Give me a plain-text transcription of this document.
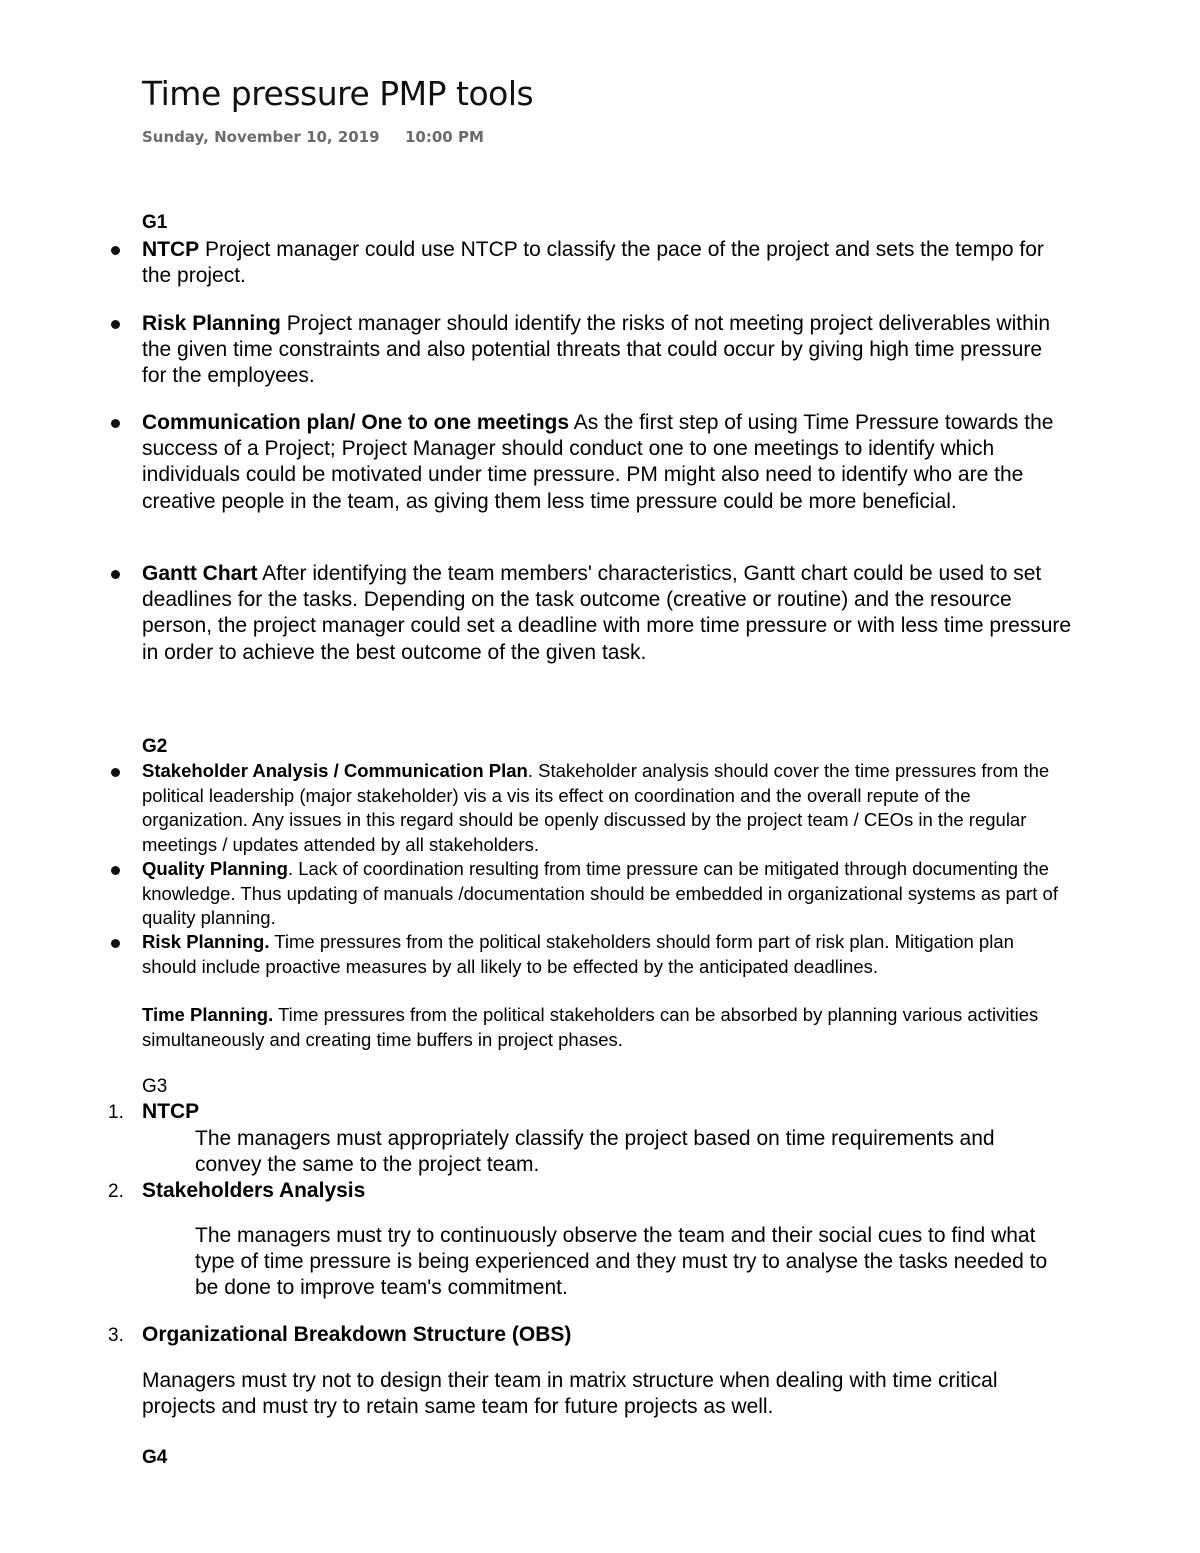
Time pressure PMP tools
Sunday, November 10, 2019 10:00 PM
G1
NTCP Project manager could use NTCP to classify the pace of the project and sets the tempo for the project.
Risk Planning Project manager should identify the risks of not meeting project deliverables within the given time constraints and also potential threats that could occur by giving high time pressure for the employees.
Communication plan/ One to one meetings As the first step of using Time Pressure towards the success of a Project; Project Manager should conduct one to one meetings to identify which individuals could be motivated under time pressure. PM might also need to identify who are the creative people in the team, as giving them less time pressure could be more beneficial.
Gantt Chart After identifying the team members' characteristics, Gantt chart could be used to set deadlines for the tasks. Depending on the task outcome (creative or routine) and the resource person, the project manager could set a deadline with more time pressure or with less time pressure in order to achieve the best outcome of the given task.
G2
Stakeholder Analysis / Communication Plan. Stakeholder analysis should cover the time pressures from the political leadership (major stakeholder) vis a vis its effect on coordination and the overall repute of the organization. Any issues in this regard should be openly discussed by the project team / CEOs in the regular meetings / updates attended by all stakeholders.
Quality Planning. Lack of coordination resulting from time pressure can be mitigated through documenting the knowledge. Thus updating of manuals /documentation should be embedded in organizational systems as part of quality planning.
Risk Planning. Time pressures from the political stakeholders should form part of risk plan. Mitigation plan should include proactive measures by all likely to be effected by the anticipated deadlines.
Time Planning. Time pressures from the political stakeholders can be absorbed by planning various activities simultaneously and creating time buffers in project phases.
G3
1. NTCP
The managers must appropriately classify the project based on time requirements and convey the same to the project team.
2. Stakeholders Analysis
The managers must try to continuously observe the team and their social cues to find what type of time pressure is being experienced and they must try to analyse the tasks needed to be done to improve team's commitment.
3. Organizational Breakdown Structure (OBS)
Managers must try not to design their team in matrix structure when dealing with time critical projects and must try to retain same team for future projects as well.
G4
